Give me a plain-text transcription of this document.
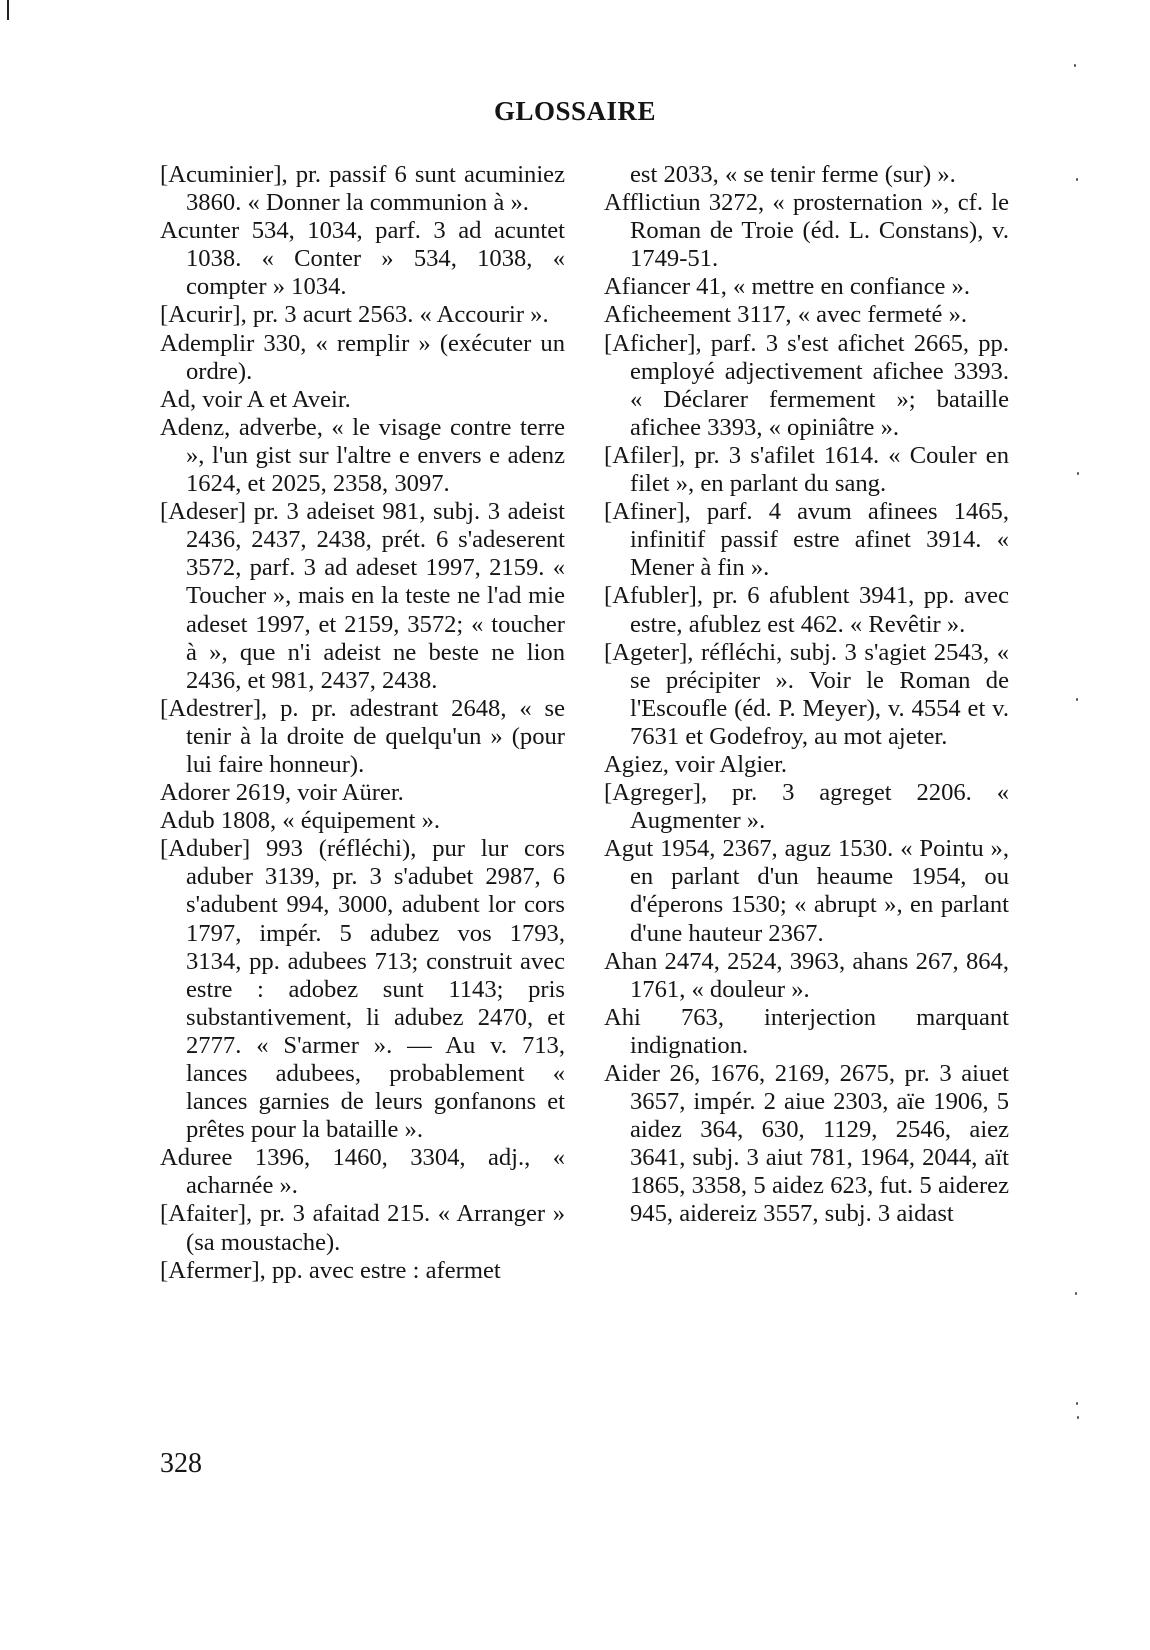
GLOSSAIRE

[Acuminier], pr. passif 6 sunt acuminiez 3860. « Donner la communion à ».

Acunter 534, 1034, parf. 3 ad acuntet 1038. « Conter » 534, 1038, « compter » 1034.

[Acurir], pr. 3 acurt 2563. « Accourir ».

Ademplir 330, « remplir » (exécuter un ordre).

Ad, voir A et Aveir.

Adenz, adverbe, « le visage contre terre », l'un gist sur l'altre e envers e adenz 1624, et 2025, 2358, 3097.

[Adeser] pr. 3 adeiset 981, subj. 3 adeist 2436, 2437, 2438, prét. 6 s'adeserent 3572, parf. 3 ad adeset 1997, 2159. « Toucher », mais en la teste ne l'ad mie adeset 1997, et 2159, 3572; « toucher à », que n'i adeist ne beste ne lion 2436, et 981, 2437, 2438.

[Adestrer], p. pr. adestrant 2648, « se tenir à la droite de quelqu'un » (pour lui faire honneur).

Adorer 2619, voir Aürer.

Adub 1808, « équipement ».

[Aduber] 993 (réfléchi), pur lur cors aduber 3139, pr. 3 s'adubet 2987, 6 s'adubent 994, 3000, adubent lor cors 1797, impér. 5 adubez vos 1793, 3134, pp. adubees 713; construit avec estre : adobez sunt 1143; pris substantivement, li adubez 2470, et 2777. « S'armer ». — Au v. 713, lances adubees, probablement « lances garnies de leurs gonfanons et prêtes pour la bataille ».

Aduree 1396, 1460, 3304, adj., « acharnée ».

[Afaiter], pr. 3 afaitad 215. « Arranger » (sa moustache).

[Afermer], pp. avec estre : afermet

est 2033, « se tenir ferme (sur) ».

Afflictiun 3272, « prosternation », cf. le Roman de Troie (éd. L. Constans), v. 1749-51.

Afiancer 41, « mettre en confiance ».

Aficheement 3117, « avec fermeté ».

[Aficher], parf. 3 s'est afichet 2665, pp. employé adjectivement afichee 3393. « Déclarer fermement »; bataille afichee 3393, « opiniâtre ».

[Afiler], pr. 3 s'afilet 1614. « Couler en filet », en parlant du sang.

[Afiner], parf. 4 avum afinees 1465, infinitif passif estre afinet 3914. « Mener à fin ».

[Afubler], pr. 6 afublent 3941, pp. avec estre, afublez est 462. « Revêtir ».

[Ageter], réfléchi, subj. 3 s'agiet 2543, « se précipiter ». Voir le Roman de l'Escoufle (éd. P. Meyer), v. 4554 et v. 7631 et Godefroy, au mot ajeter.

Agiez, voir Algier.

[Agreger], pr. 3 agreget 2206. « Augmenter ».

Agut 1954, 2367, aguz 1530. « Pointu », en parlant d'un heaume 1954, ou d'éperons 1530; « abrupt », en parlant d'une hauteur 2367.

Ahan 2474, 2524, 3963, ahans 267, 864, 1761, « douleur ».

Ahi 763, interjection marquant indignation.

Aider 26, 1676, 2169, 2675, pr. 3 aiuet 3657, impér. 2 aiue 2303, aïe 1906, 5 aidez 364, 630, 1129, 2546, aiez 3641, subj. 3 aiut 781, 1964, 2044, aït 1865, 3358, 5 aidez 623, fut. 5 aiderez 945, aidereiz 3557, subj. 3 aidast

328
